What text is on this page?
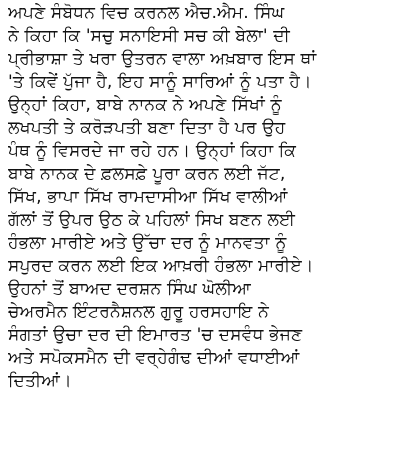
ਅਪਣੇ ਸੰਬੋਧਨ ਵਿਚ ਕਰਨਲ ਐਚ.ਐਮ. ਸਿੰਘ
ਨੇ ਕਿਹਾ ਕਿ 'ਸਚੁ ਸਨਾਇਸੀ ਸਚ ਕੀ ਬੇਲਾ' ਦੀ
ਪ੍ਰੀਭਾਸ਼ਾ ਤੇ ਖਰਾ ਉਤਰਨ ਵਾਲਾ ਅਖ਼ਬਾਰ ਇਸ ਥਾਂ
'ਤੇ ਕਿਵੇਂ ਪੁੱਜਾ ਹੈ, ਇਹ ਸਾਨੂੰ ਸਾਰਿਆਂ ਨੂੰ ਪਤਾ ਹੈ।
ਉਨ੍ਹਾਂ ਕਿਹਾ, ਬਾਬੇ ਨਾਨਕ ਨੇ ਅਪਣੇ ਸਿੱਖਾਂ ਨੂੰ
ਲਖਪਤੀ ਤੇ ਕਰੋੜਪਤੀ ਬਣਾ ਦਿਤਾ ਹੈ ਪਰ ਉਹ
ਪੰਥ ਨੂੰ ਵਿਸਰਦੇ ਜਾ ਰਹੇ ਹਨ। ਉਨ੍ਹਾਂ ਕਿਹਾ ਕਿ
ਬਾਬੇ ਨਾਨਕ ਦੇ ਫ਼ਲਸਫ਼ੇ ਪੂਰਾ ਕਰਨ ਲਈ ਜੱਟ,
ਸਿੱਖ, ਭਾਪਾ ਸਿੱਖ ਰਾਮਦਾਸੀਆ ਸਿੱਖ ਵਾਲੀਆਂ
ਗੱਲਾਂ ਤੋਂ ਉਪਰ ਉਠ ਕੇ ਪਹਿਲਾਂ ਸਿਖ ਬਣਨ ਲਈ
ਹੰਭਲਾ ਮਾਰੀਏ ਅਤੇ ਉੱਚਾ ਦਰ ਨੂੰ ਮਾਨਵਤਾ ਨੂੰ
ਸਪੁਰਦ ਕਰਨ ਲਈ ਇਕ ਆਖ਼ਰੀ ਹੰਭਲਾ ਮਾਰੀਏ।
ਉਹਨਾਂ ਤੋਂ ਬਾਅਦ ਦਰਸ਼ਨ ਸਿੰਘ ਘੋਲੀਆ
ਚੇਅਰਮੈਨ ਇੰਟਰਨੈਸ਼ਨਲ ਗੁਰੂ ਹਰਸਹਾਇ ਨੇ
ਸੰਗਤਾਂ ਉਚਾ ਦਰ ਦੀ ਇਮਾਰਤ 'ਚ ਦਸਵੰਧ ਭੇਜਣ
ਅਤੇ ਸਪੋਕਸਮੈਨ ਦੀ ਵਰ੍ਹੇਗੰਢ ਦੀਆਂ ਵਧਾਈਆਂ
ਦਿਤੀਆਂ।
